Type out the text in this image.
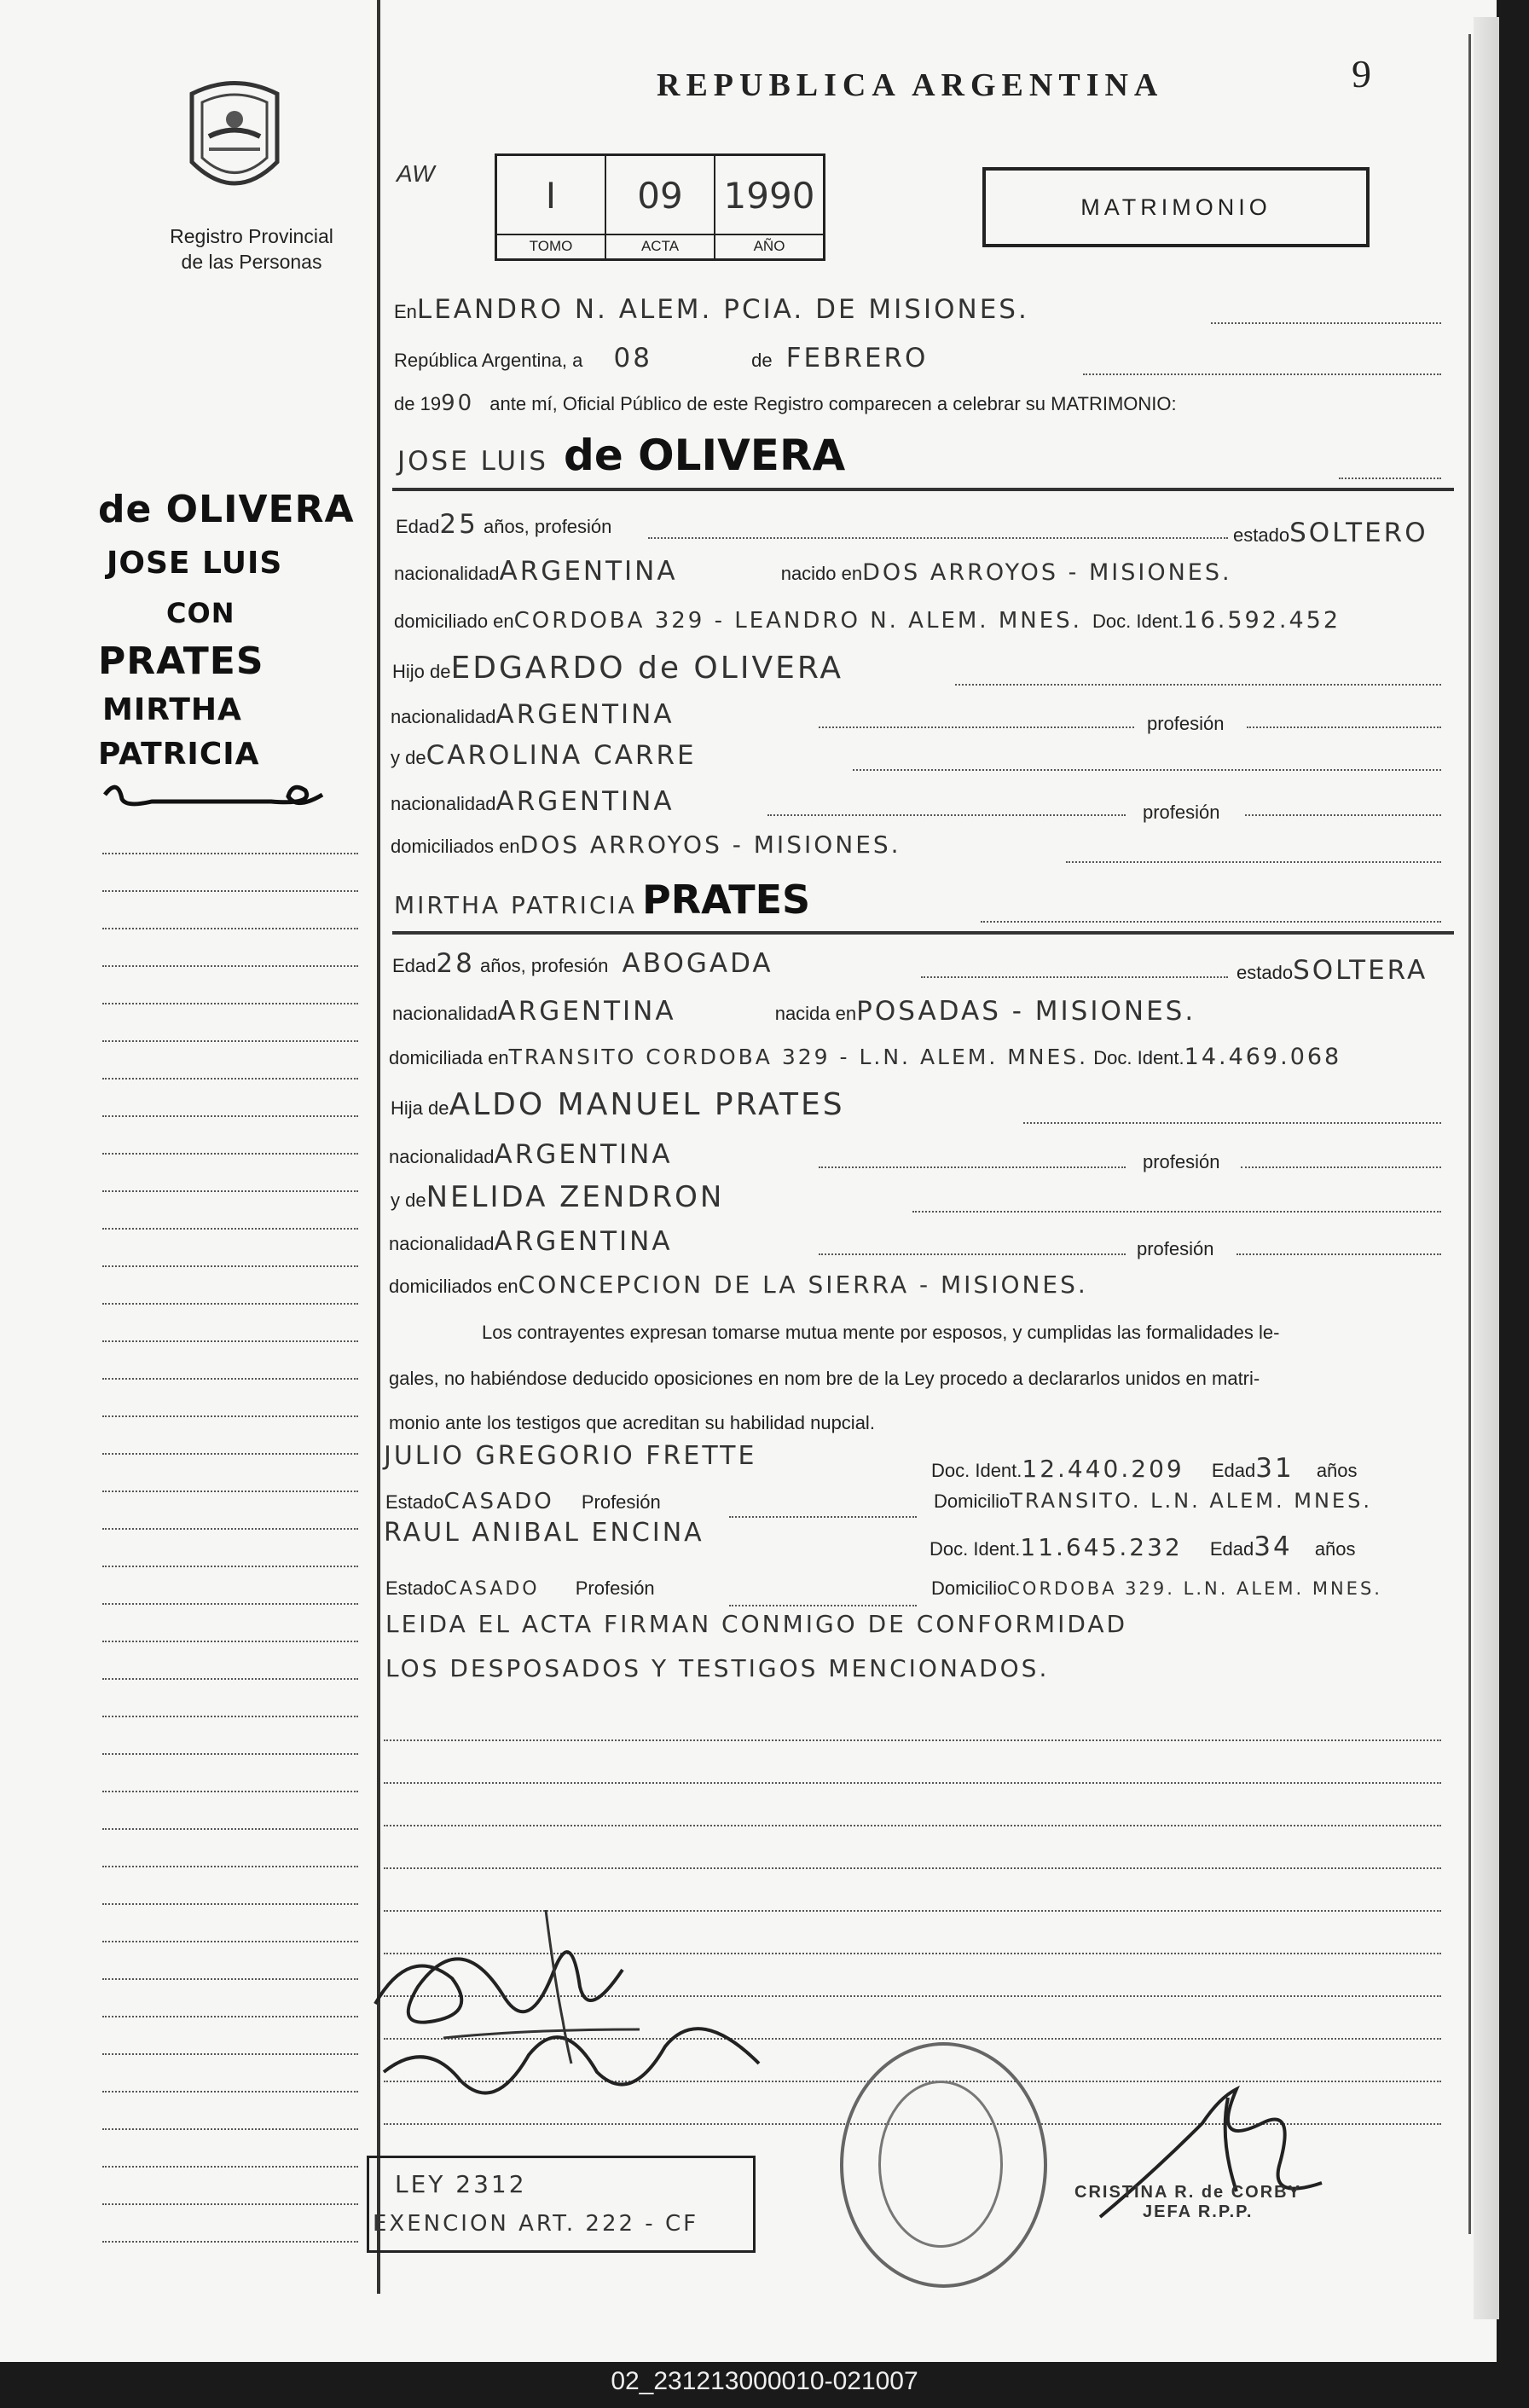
Registro Provincial
de las Personas
de OLIVERA
JOSE LUIS
CON
PRATES
MIRTHA
PATRICIA
REPUBLICA ARGENTINA	9
AW
I
TOMO
09
ACTA
1990
AÑO
MATRIMONIO
EnLEANDRO N. ALEM. PCIA. DE MISIONES.
República Argentina, a 08	de FEBRERO
de 1990 ante mí, Oficial Público de este Registro comparecen a celebrar su MATRIMONIO:
JOSE LUIS de OLIVERA
Edad25 años, profesión	estadoSOLTERO
nacionalidadARGENTINA	nacido enDOS ARROYOS - MISIONES.
domiciliado enCORDOBA 329 - LEANDRO N. ALEM. MNES. Doc. Ident.16.592.452
Hijo deEDGARDO de OLIVERA
nacionalidadARGENTINA	profesión
y deCAROLINA CARRE
nacionalidadARGENTINA	profesión
domiciliados enDOS ARROYOS - MISIONES.
MIRTHA PATRICIA PRATES
Edad28 años, profesión ABOGADA	estadoSOLTERA
nacionalidadARGENTINA	nacida enPOSADAS - MISIONES.
domiciliada enTRANSITO CORDOBA 329 - L.N. ALEM. MNES. Doc. Ident.14.469.068
Hija deALDO MANUEL PRATES
nacionalidadARGENTINA	profesión
y deNELIDA ZENDRON
nacionalidadARGENTINA	profesión
domiciliados enCONCEPCION DE LA SIERRA - MISIONES.
Los contrayentes expresan tomarse mutua mente por esposos, y cumplidas las formalidades le-
gales, no habiéndose deducido oposiciones en nom bre de la Ley procedo a declararlos unidos en matri-
monio ante los testigos que acreditan su habilidad nupcial.
JULIO GREGORIO FRETTE	Doc. Ident.12.440.209 Edad31 años
EstadoCASADO Profesión	DomicilioTRANSITO. L.N. ALEM. MNES.
RAUL ANIBAL ENCINA
Doc. Ident.11.645.232 Edad34 años
EstadoCASADO Profesión	DomicilioCORDOBA 329. L.N. ALEM. MNES.
LEIDA EL ACTA FIRMAN CONMIGO DE CONFORMIDAD
LOS DESPOSADOS Y TESTIGOS MENCIONADOS.
CRISTINA R. de CORBY
JEFA R.P.P.
LEY 2312
EXENCION ART. 222 - CF
02_231213000010-021007
